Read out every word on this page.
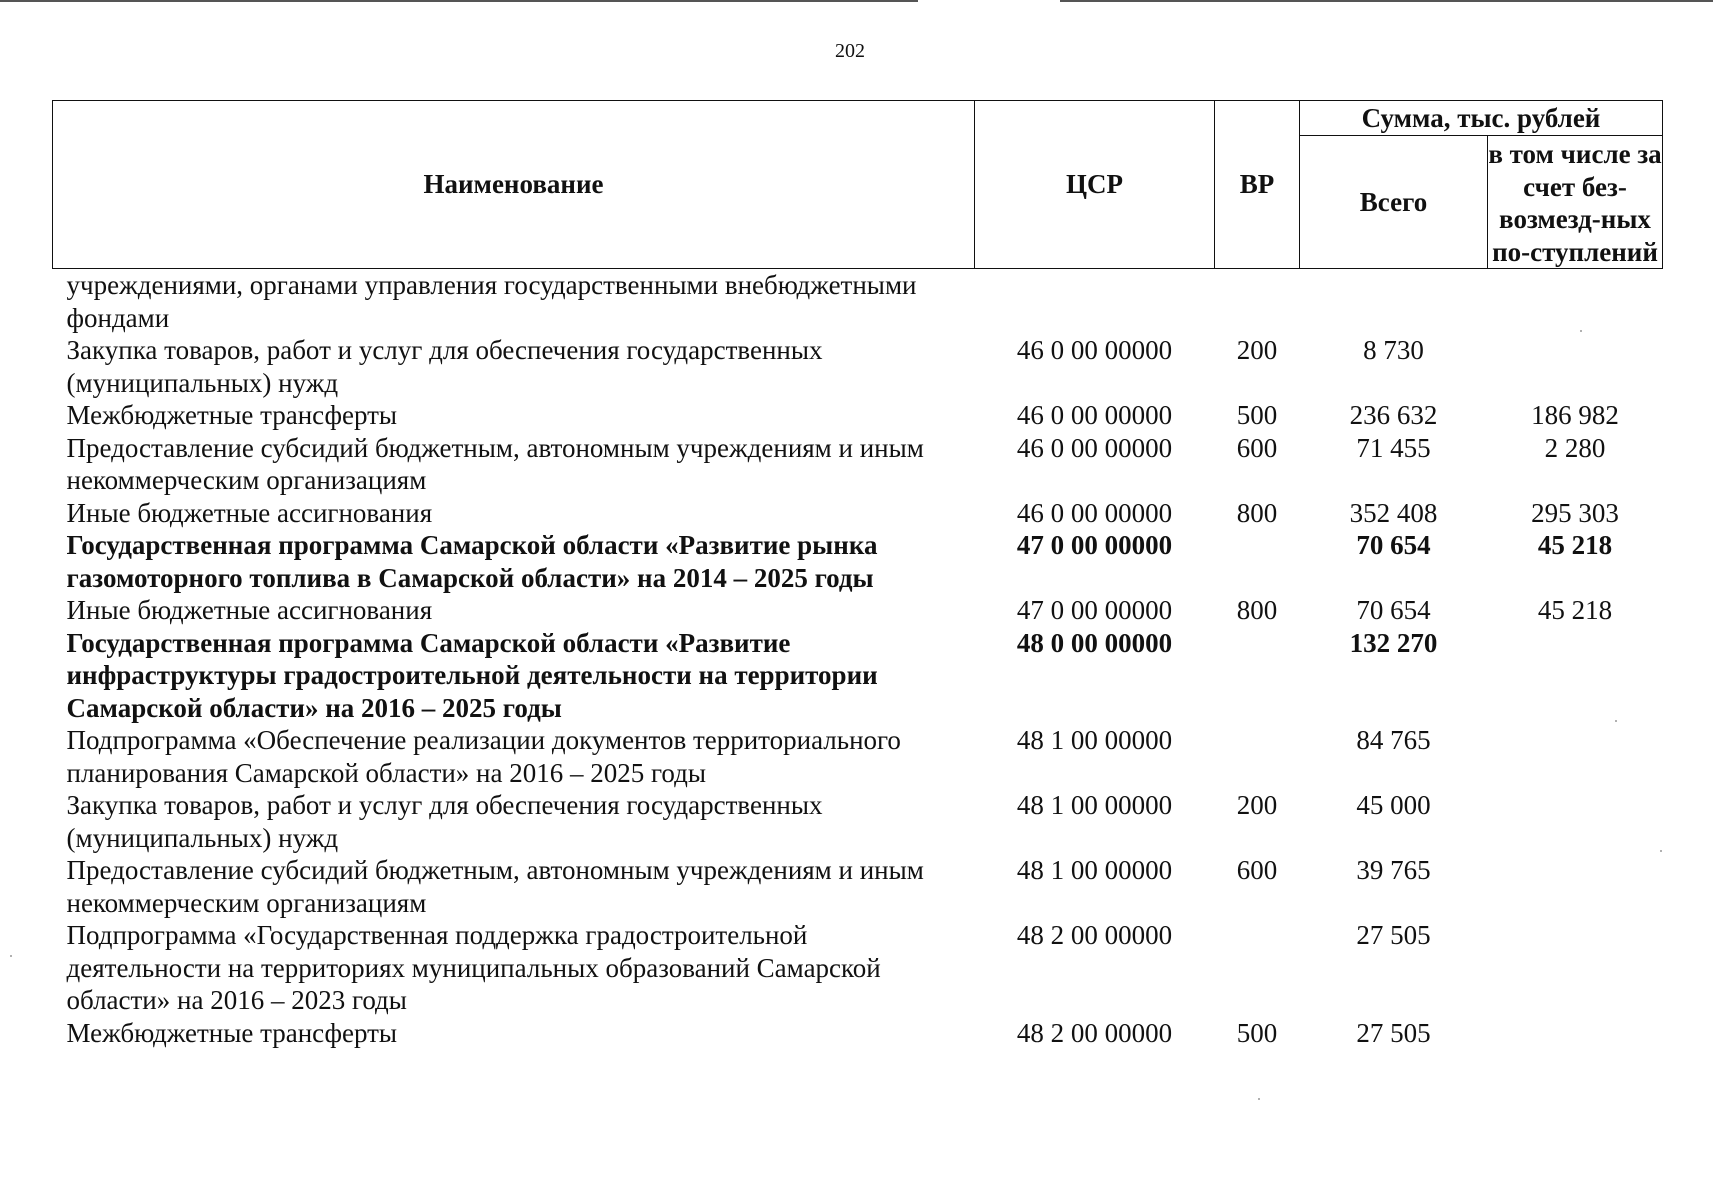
202
Наименование	ЦСР	ВР	Сумма, тыс. рублей	
			Всего	в том числе за счет без-возмезд-ных по-ступлений
учреждениями, органами управления государственными внебюджетными фондами				
Закупка товаров, работ и услуг для обеспечения государственных (муниципальных) нужд	46 0 00 00000	200	8 730	
Межбюджетные трансферты	46 0 00 00000	500	236 632	186 982
Предоставление субсидий бюджетным, автономным учреждениям и иным некоммерческим организациям	46 0 00 00000	600	71 455	2 280
Иные бюджетные ассигнования	46 0 00 00000	800	352 408	295 303
Государственная программа Самарской области «Развитие рынка газомоторного топлива в Самарской области» на 2014 – 2025 годы	47 0 00 00000		70 654	45 218
Иные бюджетные ассигнования	47 0 00 00000	800	70 654	45 218
Государственная программа Самарской области «Развитие инфраструктуры градостроительной деятельности на территории Самарской области» на 2016 – 2025 годы	48 0 00 00000		132 270	
Подпрограмма «Обеспечение реализации документов территориального планирования Самарской области» на 2016 – 2025 годы	48 1 00 00000		84 765	
Закупка товаров, работ и услуг для обеспечения государственных (муниципальных) нужд	48 1 00 00000	200	45 000	
Предоставление субсидий бюджетным, автономным учреждениям и иным некоммерческим организациям	48 1 00 00000	600	39 765	
Подпрограмма «Государственная поддержка градостроительной деятельности на территориях муниципальных образований Самарской области» на 2016 – 2023 годы	48 2 00 00000		27 505	
Межбюджетные трансферты	48 2 00 00000	500	27 505	
